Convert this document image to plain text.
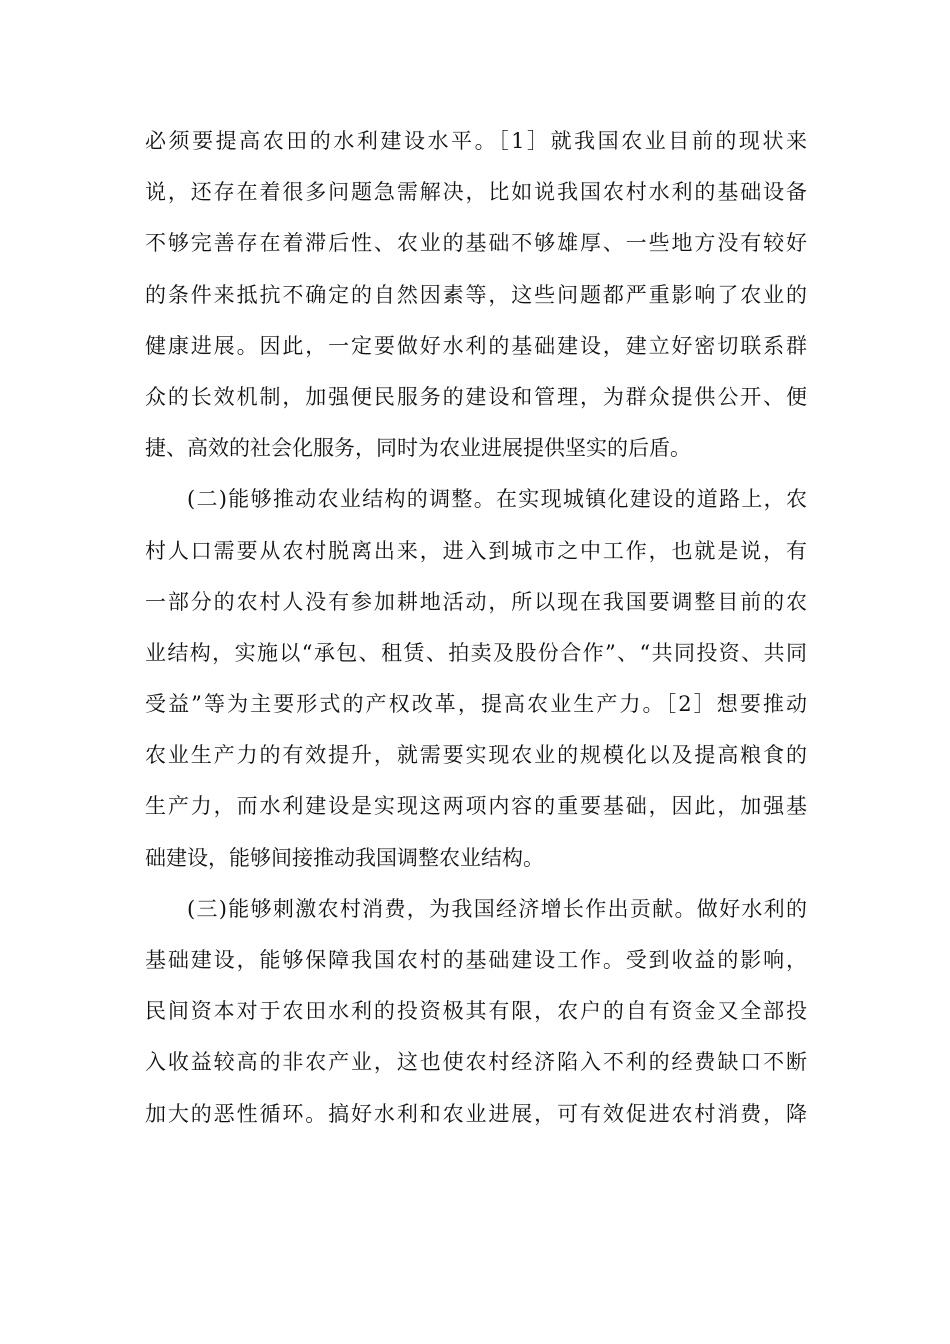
必须要提高农田的水利建设水平。［1］就我国农业目前的现状来
说，还存在着很多问题急需解决，比如说我国农村水利的基础设备
不够完善存在着滞后性、农业的基础不够雄厚、一些地方没有较好
的条件来抵抗不确定的自然因素等，这些问题都严重影响了农业的
健康进展。因此，一定要做好水利的基础建设，建立好密切联系群
众的长效机制，加强便民服务的建设和管理，为群众提供公开、便
捷、高效的社会化服务，同时为农业进展提供坚实的后盾。
(二)能够推动农业结构的调整。在实现城镇化建设的道路上，农
村人口需要从农村脱离出来，进入到城市之中工作，也就是说，有
一部分的农村人没有参加耕地活动，所以现在我国要调整目前的农
业结构，实施以“承包、租赁、拍卖及股份合作”、“共同投资、共同
受益”等为主要形式的产权改革，提高农业生产力。［2］想要推动
农业生产力的有效提升，就需要实现农业的规模化以及提高粮食的
生产力，而水利建设是实现这两项内容的重要基础，因此，加强基
础建设，能够间接推动我国调整农业结构。
(三)能够刺激农村消费，为我国经济增长作出贡献。做好水利的
基础建设，能够保障我国农村的基础建设工作。受到收益的影响，
民间资本对于农田水利的投资极其有限，农户的自有资金又全部投
入收益较高的非农产业，这也使农村经济陷入不利的经费缺口不断
加大的恶性循环。搞好水利和农业进展，可有效促进农村消费，降
